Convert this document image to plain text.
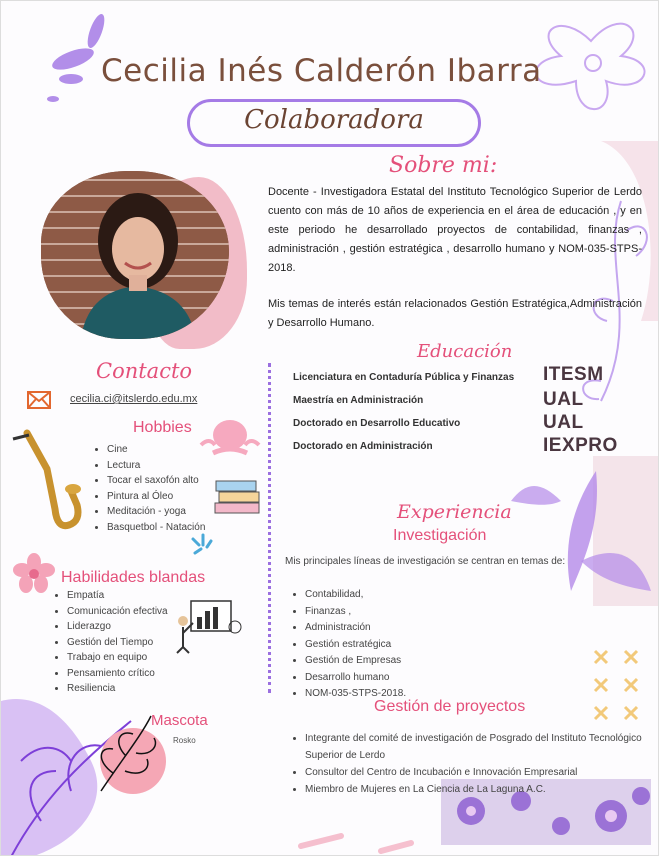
Cecilia Inés Calderón Ibarra
Colaboradora
Sobre mi:

Docente - Investigadora Estatal del Instituto Tecnológico Superior de Lerdo cuento con más de 10 años de experiencia en el área de educación , y en este periodo he desarrollado proyectos de contabilidad, finanzas , administración , gestión estratégica , desarrollo humano y NOM-035-STPS-2018.

Mis temas de interés están relacionados Gestión Estratégica,Administración y Desarrollo Humano.

Contacto
cecilia.ci@itslerdo.edu.mx
Hobbies
• Cine
• Lectura
• Tocar el saxofón alto
• Pintura al Óleo
• Meditación - yoga
• Basquetbol - Natación
Habilidades blandas
• Empatía
• Comunicación efectiva
• Liderazgo
• Gestión del Tiempo
• Trabajo en equipo
• Pensamiento crítico
• Resiliencia
Mascota
Rosko
Educación
Licenciatura en Contaduría Pública y Finanzas
Maestría en Administración
Doctorado en Desarrollo Educativo
Doctorado en Administración
ITESM
UAL
UAL
IEXPRO
Experiencia
Investigación
Mis principales líneas de investigación se centran en temas de:
• Contabilidad,
• Finanzas ,
• Administración
• Gestión estratégica
• Gestión de Empresas
• Desarrollo humano
• NOM-035-STPS-2018.
Gestión de proyectos
• Integrante del comité de investigación de Posgrado del Instituto Tecnológico Superior de Lerdo
• Consultor del Centro de Incubación e Innovación Empresarial
• Miembro de Mujeres en La Ciencia de La Laguna A.C.
